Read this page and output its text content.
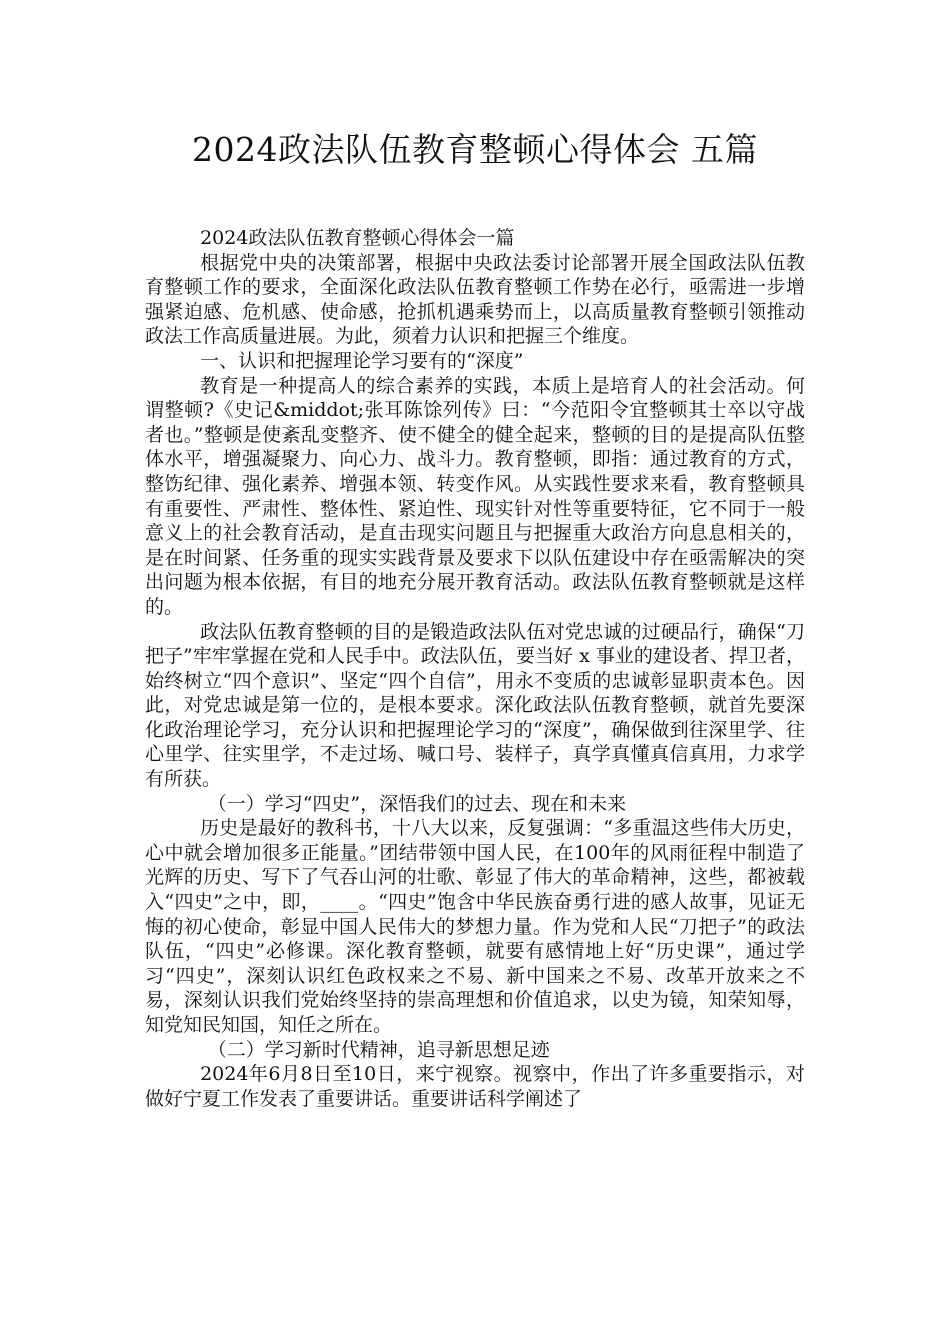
2024政法队伍教育整顿心得体会 五篇

2024政法队伍教育整顿心得体会一篇

根据党中央的决策部署，根据中央政法委讨论部署开展全国政法队伍教育整顿工作的要求，全面深化政法队伍教育整顿工作势在必行，亟需进一步增强紧迫感、危机感、使命感，抢抓机遇乘势而上，以高质量教育整顿引领推动政法工作高质量进展。为此，须着力认识和把握三个维度。

一、认识和把握理论学习要有的“深度”

教育是一种提高人的综合素养的实践，本质上是培育人的社会活动。何谓整顿?《史记&middot;张耳陈馀列传》曰：“今范阳令宜整顿其士卒以守战者也。”整顿是使紊乱变整齐、使不健全的健全起来，整顿的目的是提高队伍整体水平，增强凝聚力、向心力、战斗力。教育整顿，即指：通过教育的方式，整饬纪律、强化素养、增强本领、转变作风。从实践性要求来看，教育整顿具有重要性、严肃性、整体性、紧迫性、现实针对性等重要特征，它不同于一般意义上的社会教育活动，是直击现实问题且与把握重大政治方向息息相关的，是在时间紧、任务重的现实实践背景及要求下以队伍建设中存在亟需解决的突出问题为根本依据，有目的地充分展开教育活动。政法队伍教育整顿就是这样的。

政法队伍教育整顿的目的是锻造政法队伍对党忠诚的过硬品行，确保“刀把子”牢牢掌握在党和人民手中。政法队伍，要当好 x 事业的建设者、捍卫者，始终树立“四个意识”、坚定“四个自信”，用永不变质的忠诚彰显职责本色。因此，对党忠诚是第一位的，是根本要求。深化政法队伍教育整顿，就首先要深化政治理论学习，充分认识和把握理论学习的“深度”，确保做到往深里学、往心里学、往实里学，不走过场、喊口号、装样子，真学真懂真信真用，力求学有所获。

（一）学习“四史”，深悟我们的过去、现在和未来

历史是最好的教科书，十八大以来，反复强调：“多重温这些伟大历史，心中就会增加很多正能量。”团结带领中国人民，在100年的风雨征程中制造了光辉的历史、写下了气吞山河的壮歌、彰显了伟大的革命精神，这些，都被载入“四史”之中，即，____。“四史”饱含中华民族奋勇行进的感人故事，见证无悔的初心使命，彰显中国人民伟大的梦想力量。作为党和人民“刀把子”的政法队伍，“四史”必修课。深化教育整顿，就要有感情地上好“历史课”，通过学习“四史”，深刻认识红色政权来之不易、新中国来之不易、改革开放来之不易，深刻认识我们党始终坚持的崇高理想和价值追求，以史为镜，知荣知辱，知党知民知国，知任之所在。

（二）学习新时代精神，追寻新思想足迹

2024年6月8日至10日，来宁视察。视察中，作出了许多重要指示，对做好宁夏工作发表了重要讲话。重要讲话科学阐述了
